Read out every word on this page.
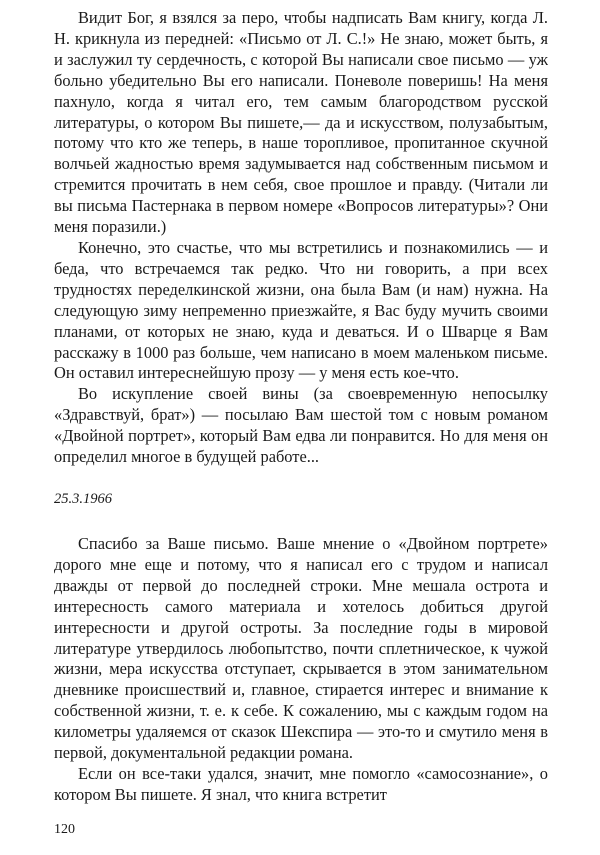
Видит Бог, я взялся за перо, чтобы надписать Вам книгу, когда Л. Н. крикнула из передней: «Письмо от Л. С.!» Не знаю, может быть, я и заслужил ту сердечность, с которой Вы написали свое письмо — уж больно убедительно Вы его написали. Поневоле поверишь! На меня пахнуло, когда я читал его, тем самым благородством русской литературы, о котором Вы пишете,— да и искусством, полузабытым, потому что кто же теперь, в наше торопливое, пропитанное скучной волчьей жадностью время задумывается над собственным письмом и стремится прочитать в нем себя, свое прошлое и правду. (Читали ли вы письма Пастернака в первом номере «Вопросов литературы»? Они меня поразили.)

Конечно, это счастье, что мы встретились и познакомились — и беда, что встречаемся так редко. Что ни говорить, а при всех трудностях переделкинской жизни, она была Вам (и нам) нужна. На следующую зиму непременно приезжайте, я Вас буду мучить своими планами, от которых не знаю, куда и деваться. И о Шварце я Вам расскажу в 1000 раз больше, чем написано в моем маленьком письме. Он оставил интереснейшую прозу — у меня есть кое-что.

Во искупление своей вины (за своевременную непосылку «Здравствуй, брат») — посылаю Вам шестой том с новым романом «Двойной портрет», который Вам едва ли понравится. Но для меня он определил многое в будущей работе...

25.3.1966

Спасибо за Ваше письмо. Ваше мнение о «Двойном портрете» дорого мне еще и потому, что я написал его с трудом и написал дважды от первой до последней строки. Мне мешала острота и интересность самого материала и хотелось добиться другой интересности и другой остроты. За последние годы в мировой литературе утвердилось любопытство, почти сплетническое, к чужой жизни, мера искусства отступает, скрывается в этом занимательном дневнике происшествий и, главное, стирается интерес и внимание к собственной жизни, т. е. к себе. К сожалению, мы с каждым годом на километры удаляемся от сказок Шекспира — это-то и смутило меня в первой, документальной редакции романа.

Если он все-таки удался, значит, мне помогло «самосознание», о котором Вы пишете. Я знал, что книга встретит

120
